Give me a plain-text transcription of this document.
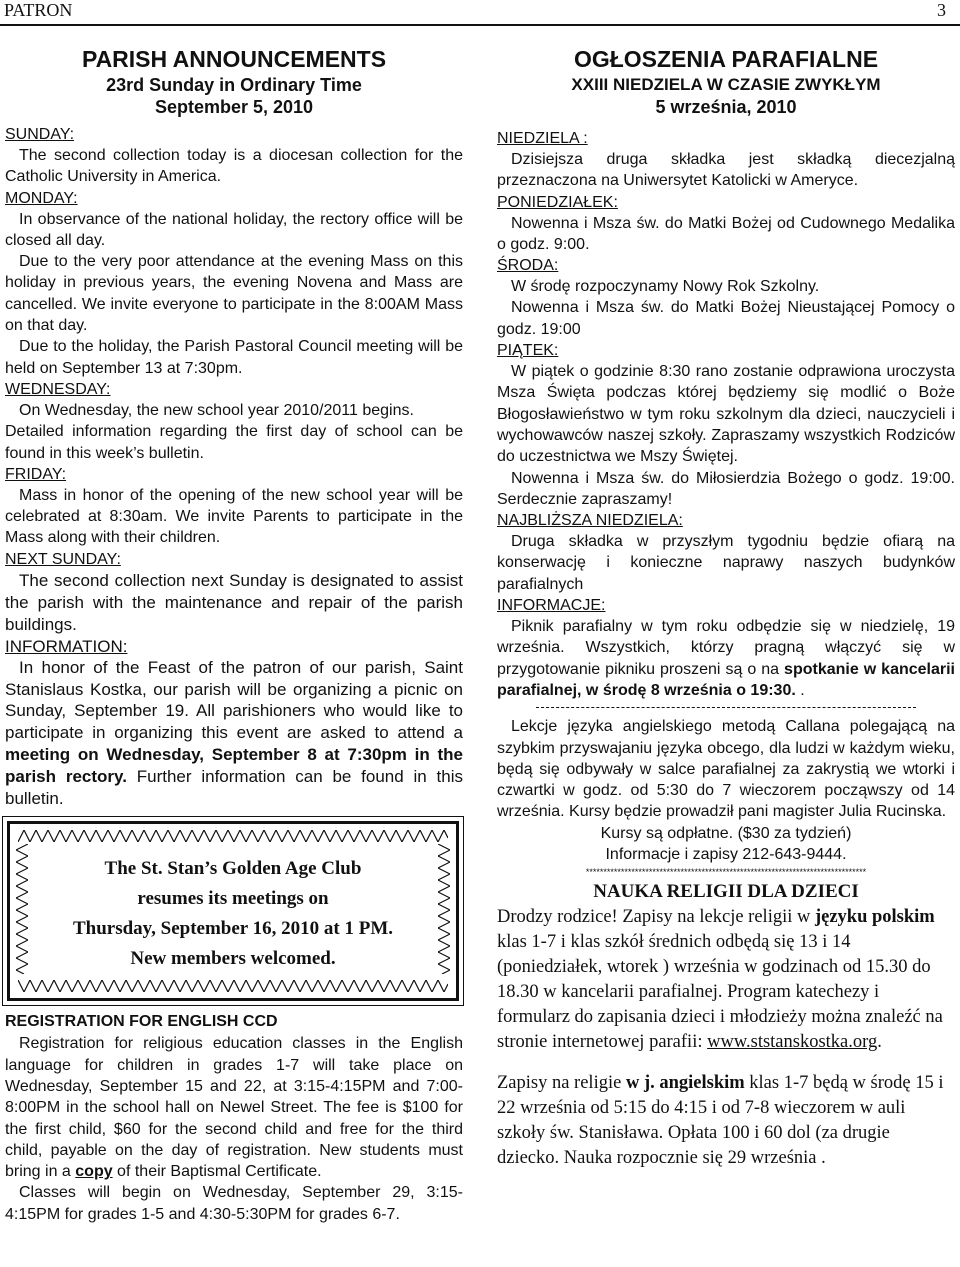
PATRON	3
PARISH ANNOUNCEMENTS
23rd Sunday in Ordinary Time
September 5, 2010
SUNDAY:

The second collection today is a diocesan collection for the Catholic University in America.

MONDAY:

In observance of the national holiday, the rectory office will be closed all day.

Due to the very poor attendance at the evening Mass on this holiday in previous years, the evening Novena and Mass are cancelled. We invite everyone to participate in the 8:00AM Mass on that day.

Due to the holiday, the Parish Pastoral Council meeting will be held on September 13 at 7:30pm.

WEDNESDAY:

On Wednesday, the new school year 2010/2011 begins.

Detailed information regarding the first day of school can be found in this week’s bulletin.

FRIDAY:

Mass in honor of the opening of the new school year will be celebrated at 8:30am. We invite Parents to participate in the Mass along with their children.

NEXT SUNDAY:

The second collection next Sunday is designated to assist the parish with the maintenance and repair of the parish buildings.

INFORMATION:

In honor of the Feast of the patron of our parish, Saint Stanislaus Kostka, our parish will be organizing a picnic on Sunday, September 19. All parishioners who would like to participate in organizing this event are asked to attend a meeting on Wednesday, September 8 at 7:30pm in the parish rectory. Further information can be found in this bulletin.

The St. Stan’s Golden Age Club
resumes its meetings on
Thursday, September 16, 2010 at 1 PM.
New members welcomed.
REGISTRATION FOR ENGLISH CCD

Registration for religious education classes in the English language for children in grades 1-7 will take place on Wednesday, September 15 and 22, at 3:15-4:15PM and 7:00-8:00PM in the school hall on Newel Street. The fee is $100 for the first child, $60 for the second child and free for the third child, payable on the day of registration. New students must bring in a copy of their Baptismal Certificate.

Classes will begin on Wednesday, September 29, 3:15-4:15PM for grades 1-5 and 4:30-5:30PM for grades 6-7.

OGŁOSZENIA PARAFIALNE
XXIII NIEDZIELA W CZASIE ZWYKŁYM
5 września, 2010
NIEDZIELA :

Dzisiejsza druga składka jest składką diecezjalną przeznaczona na Uniwersytet Katolicki w Ameryce.

PONIEDZIAŁEK:

Nowenna i Msza św. do Matki Bożej od Cudownego Medalika o godz. 9:00.

ŚRODA:

W środę rozpoczynamy Nowy Rok Szkolny.

Nowenna i Msza św. do Matki Bożej Nieustającej Pomocy o godz. 19:00

PIĄTEK:

W piątek o godzinie 8:30 rano zostanie odprawiona uroczysta Msza Święta podczas której będziemy się modlić o Boże Błogosławieństwo w tym roku szkolnym dla dzieci, nauczycieli i wychowawców naszej szkoły. Zapraszamy wszystkich Rodziców do uczestnictwa we Mszy Świętej.

Nowenna i Msza św. do Miłosierdzia Bożego o godz. 19:00. Serdecznie zapraszamy!

NAJBLIŻSZA NIEDZIELA:

Druga składka w przyszłym tygodniu będzie ofiarą na konserwację i konieczne naprawy naszych budynków parafialnych

INFORMACJE:

Piknik parafialny w tym roku odbędzie się w niedzielę, 19 września. Wszystkich, którzy pragną włączyć się w przygotowanie pikniku proszeni są o na spotkanie w kancelarii parafialnej, w środę 8 września o 19:30. .

Lekcje języka angielskiego metodą Callana polegającą na szybkim przyswajaniu języka obcego, dla ludzi w każdym wieku, będą się odbywały w salce parafialnej za zakrystią we wtorki i czwartki w godz. od 5:30 do 7 wieczorem począwszy od 14 września. Kursy będzie prowadził pani magister Julia Rucinska.

Kursy są odpłatne. ($30 za tydzień)

Informacje i zapisy 212-643-9444.

********************************************************************************
NAUKA RELIGII DLA DZIECI

Drodzy rodzice! Zapisy na lekcje religii w języku polskim klas 1-7 i klas szkół średnich odbędą się 13 i 14 (poniedziałek, wtorek ) września w godzinach od 15.30 do 18.30 w kancelarii parafialnej. Program katechezy i formularz do zapisania dzieci i młodzieży można znaleźć na stronie internetowej parafii: www.ststanskostka.org.

Zapisy na religie w j. angielskim klas 1-7 będą w środę 15 i 22 września od 5:15 do 4:15 i od 7-8 wieczorem w auli szkoły św. Stanisława. Opłata 100 i 60 dol (za drugie dziecko. Nauka rozpocznie się 29 września .
